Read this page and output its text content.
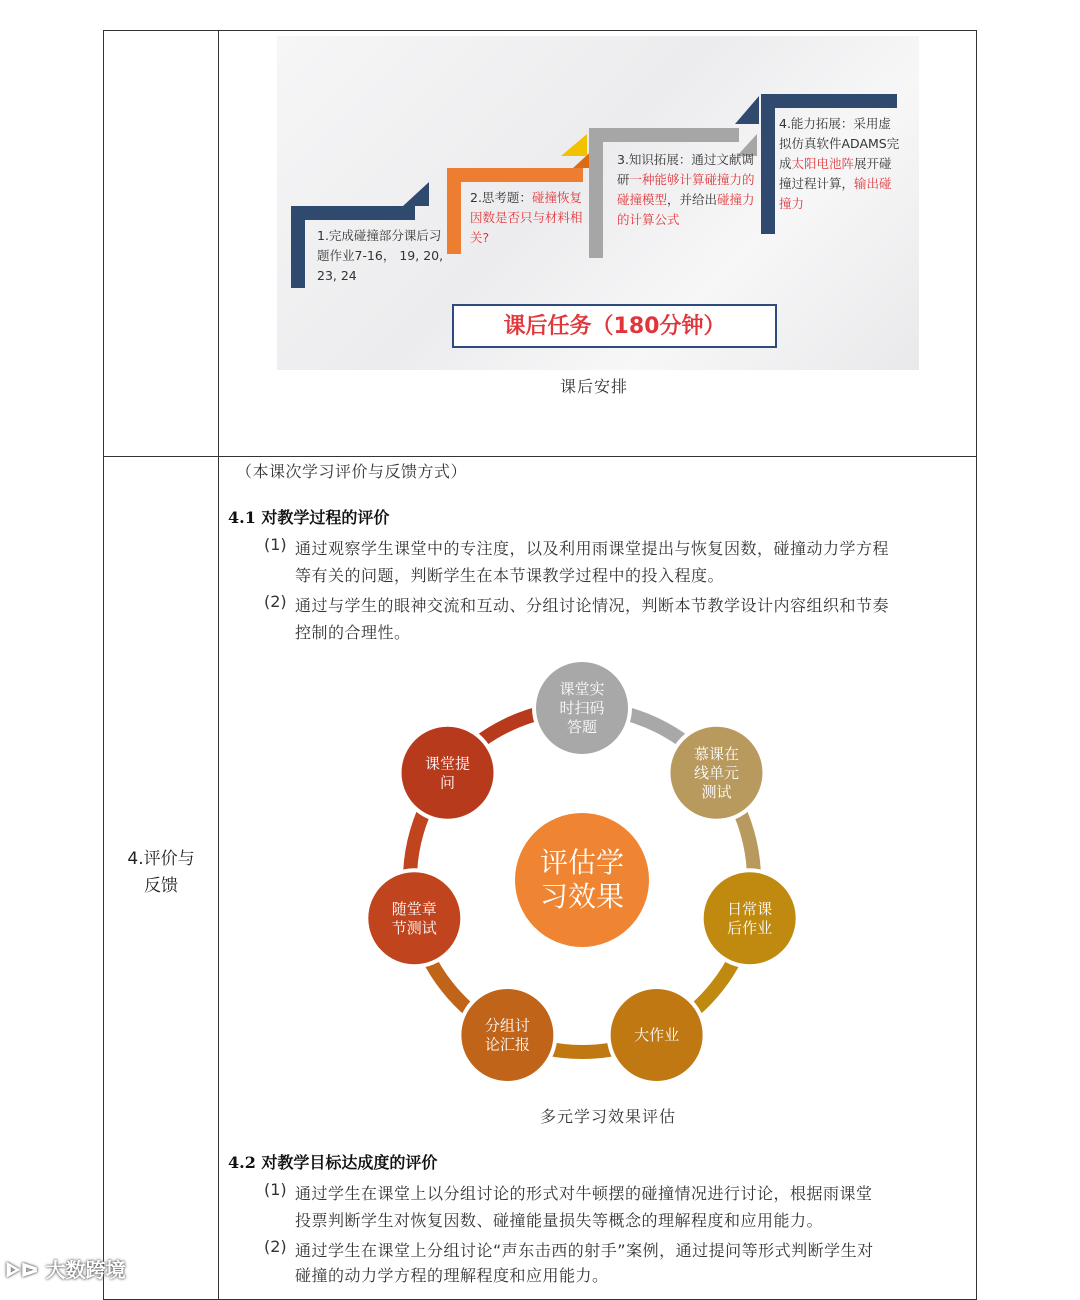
1.完成碰撞部分课后习题作业7-16， 19, 20, 23, 24
2.思考题：碰撞恢复因数是否只与材料相关?
3.知识拓展：通过文献调研一种能够计算碰撞力的碰撞模型，并给出碰撞力的计算公式
4.能力拓展：采用虚拟仿真软件ADAMS完成太阳电池阵展开碰撞过程计算，输出碰撞力
课后任务（180分钟）
课后安排
4.评价与
反馈
（本课次学习评价与反馈方式）
4.1 对教学过程的评价
(1) 通过观察学生课堂中的专注度，以及利用雨课堂提出与恢复因数，碰撞动力学方程
等有关的问题，判断学生在本节课教学过程中的投入程度。
(2) 通过与学生的眼神交流和互动、分组讨论情况，判断本节教学设计内容组织和节奏
控制的合理性。
评估学
习效果
课堂实
时扫码
答题
慕课在
线单元
测试
日常课
后作业
大作业
分组讨
论汇报
随堂章
节测试
课堂提
问
多元学习效果评估
4.2 对教学目标达成度的评价
(1) 通过学生在课堂上以分组讨论的形式对牛顿摆的碰撞情况进行讨论，根据雨课堂
投票判断学生对恢复因数、碰撞能量损失等概念的理解程度和应用能力。
(2) 通过学生在课堂上分组讨论“声东击西的射手”案例，通过提问等形式判断学生对
碰撞的动力学方程的理解程度和应用能力。
ᐈᐅ 大数跨境
